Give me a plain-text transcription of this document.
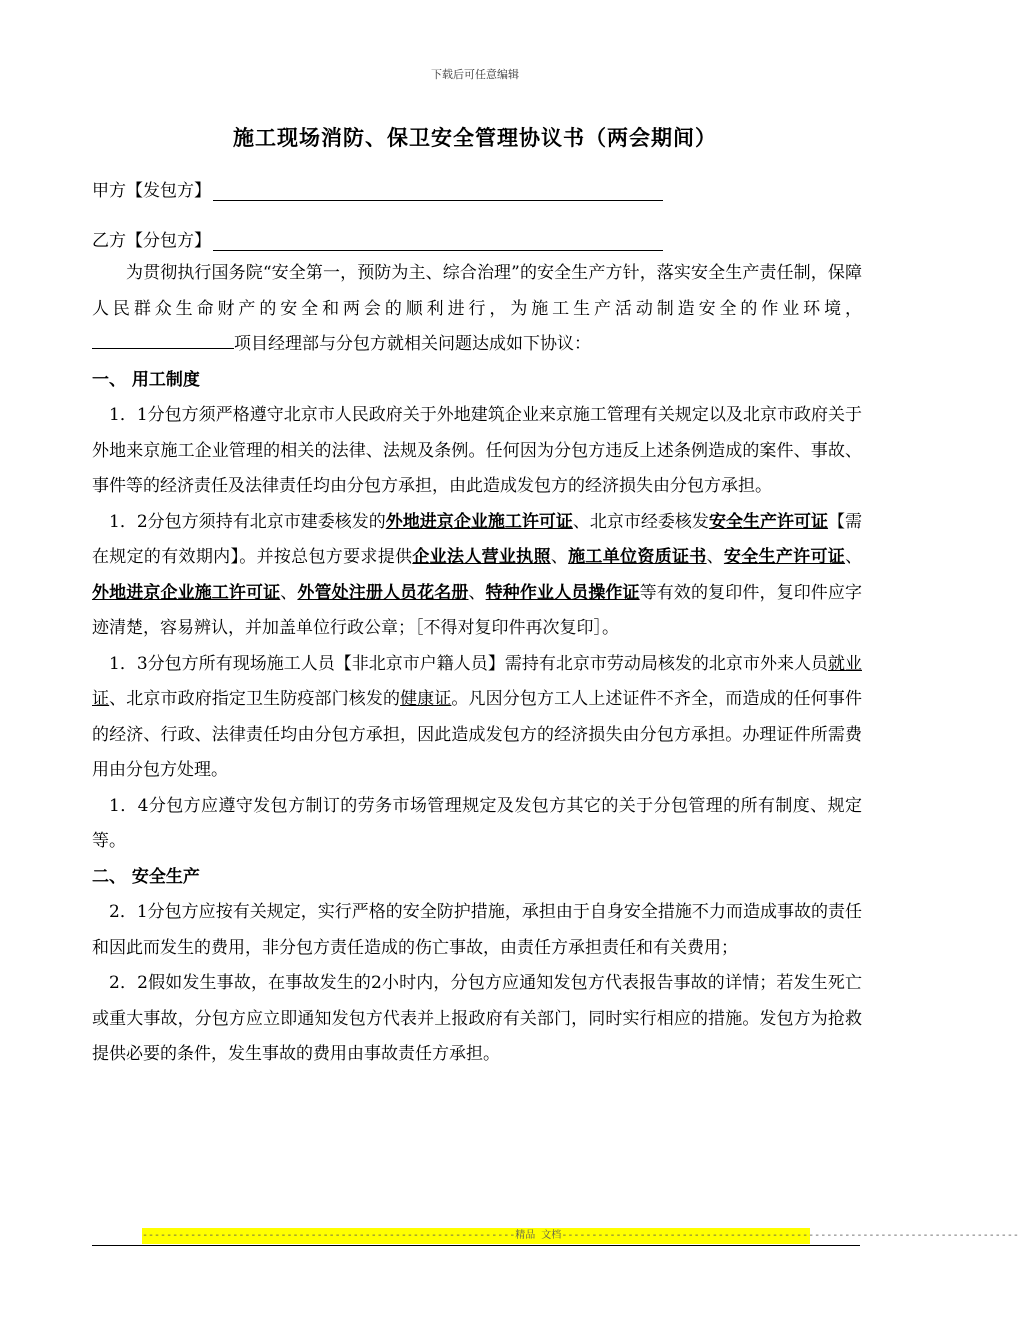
下载后可任意编辑
施工现场消防、保卫安全管理协议书（两会期间）
甲方【发包方】
乙方【分包方】

为贯彻执行国务院“安全第一，预防为主、综合治理”的安全生产方针，落实安全生产责任制，保障人民群众生命财产的安全和两会的顺利进行，为施工生产活动制造安全的作业环境，项目经理部与分包方就相关问题达成如下协议：

一、 用工制度

1．1分包方须严格遵守北京市人民政府关于外地建筑企业来京施工管理有关规定以及北京市政府关于外地来京施工企业管理的相关的法律、法规及条例。任何因为分包方违反上述条例造成的案件、事故、事件等的经济责任及法律责任均由分包方承担，由此造成发包方的经济损失由分包方承担。

1．2分包方须持有北京市建委核发的外地进京企业施工许可证、北京市经委核发安全生产许可证【需在规定的有效期内】。并按总包方要求提供企业法人营业执照、施工单位资质证书、安全生产许可证、外地进京企业施工许可证、外管处注册人员花名册、特种作业人员操作证等有效的复印件，复印件应字迹清楚，容易辨认，并加盖单位行政公章；［不得对复印件再次复印］。

1．3分包方所有现场施工人员【非北京市户籍人员】需持有北京市劳动局核发的北京市外来人员就业证、北京市政府指定卫生防疫部门核发的健康证。凡因分包方工人上述证件不齐全，而造成的任何事件的经济、行政、法律责任均由分包方承担，因此造成发包方的经济损失由分包方承担。办理证件所需费用由分包方处理。

1．4分包方应遵守发包方制订的劳务市场管理规定及发包方其它的关于分包管理的所有制度、规定等。

二、 安全生产

2．1分包方应按有关规定，实行严格的安全防护措施，承担由于自身安全措施不力而造成事故的责任和因此而发生的费用，非分包方责任造成的伤亡事故，由责任方承担责任和有关费用；

2．2假如发生事故，在事故发生的2小时内，分包方应通知发包方代表报告事故的详情；若发生死亡或重大事故，分包方应立即通知发包方代表并上报政府有关部门，同时实行相应的措施。发包方为抢救提供必要的条件，发生事故的费用由事故责任方承担。

--------------------------------------------------------------精品 文档----------------------------------------------------------------------------
